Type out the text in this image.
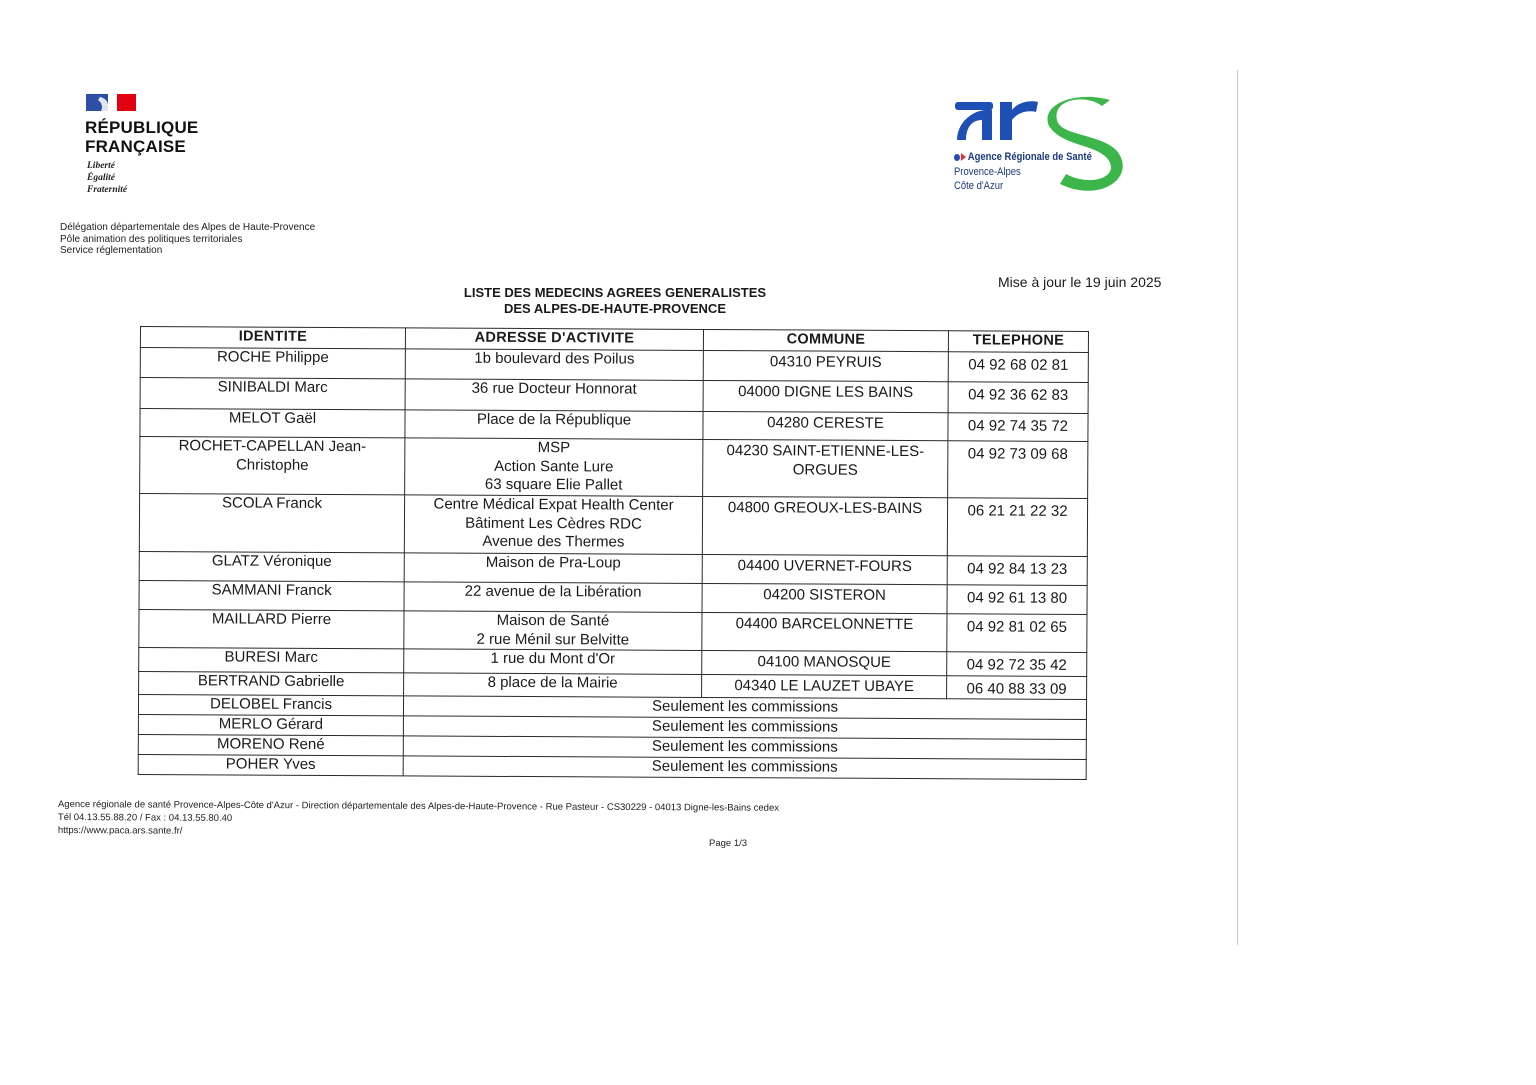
RÉPUBLIQUE
FRANÇAISE
Liberté
Égalité
Fraternité
Délégation départementale des Alpes de Haute-Provence
Pôle animation des politiques territoriales
Service réglementation
Agence Régionale de Santé
Provence-Alpes
Côte d'Azur
Mise à jour le 19 juin 2025
LISTE DES MEDECINS AGREES GENERALISTES
DES ALPES-DE-HAUTE-PROVENCE
IDENTITE	ADRESSE D'ACTIVITE	COMMUNE	TELEPHONE
ROCHE Philippe	1b boulevard des Poilus	04310 PEYRUIS	04 92 68 02 81
SINIBALDI Marc	36 rue Docteur Honnorat	04000 DIGNE LES BAINS	04 92 36 62 83
MELOT Gaël	Place de la République	04280 CERESTE	04 92 74 35 72
ROCHET-CAPELLAN Jean-Christophe	MSP
Action Sante Lure
63 square Elie Pallet	04230 SAINT-ETIENNE-LES-ORGUES	04 92 73 09 68
SCOLA Franck	Centre Médical Expat Health Center
Bâtiment Les Cèdres RDC
Avenue des Thermes	04800 GREOUX-LES-BAINS	06 21 21 22 32
GLATZ Véronique	Maison de Pra-Loup	04400 UVERNET-FOURS	04 92 84 13 23
SAMMANI Franck	22 avenue de la Libération	04200 SISTERON	04 92 61 13 80
MAILLARD Pierre	Maison de Santé
2 rue Ménil sur Belvitte	04400 BARCELONNETTE	04 92 81 02 65
BURESI Marc	1 rue du Mont d'Or	04100 MANOSQUE	04 92 72 35 42
BERTRAND Gabrielle	8 place de la Mairie	04340 LE LAUZET UBAYE	06 40 88 33 09
DELOBEL Francis	Seulement les commissions		
MERLO Gérard	Seulement les commissions		
MORENO René	Seulement les commissions		
POHER Yves	Seulement les commissions		
Agence régionale de santé Provence-Alpes-Côte d'Azur - Direction départementale des Alpes-de-Haute-Provence - Rue Pasteur - CS30229 - 04013 Digne-les-Bains cedex
Tél 04.13.55.88.20 / Fax : 04.13.55.80.40
https://www.paca.ars.sante.fr/
Page 1/3
